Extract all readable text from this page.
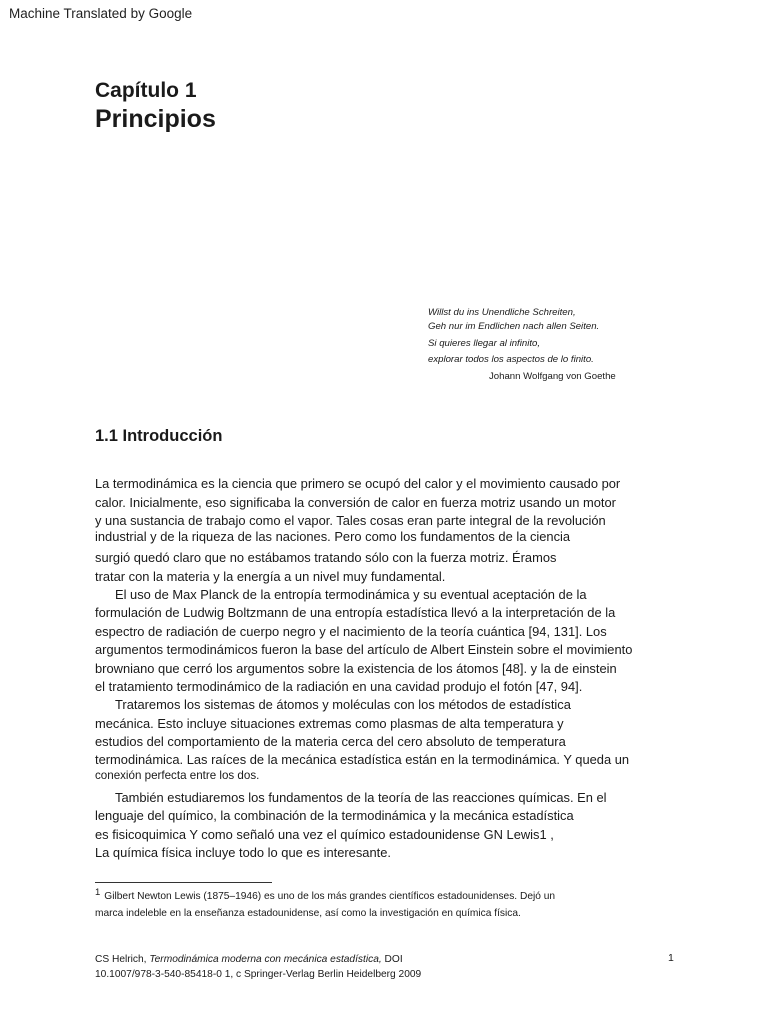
Machine Translated by Google
Capítulo 1
Principios
Willst du ins Unendliche Schreiten,
Geh nur im Endlichen nach allen Seiten.
Si quieres llegar al infinito,
explorar todos los aspectos de lo finito.
Johann Wolfgang von Goethe
1.1 Introducción
La termodinámica es la ciencia que primero se ocupó del calor y el movimiento causado por
calor. Inicialmente, eso significaba la conversión de calor en fuerza motriz usando un motor
y una sustancia de trabajo como el vapor. Tales cosas eran parte integral de la revolución
industrial y de la riqueza de las naciones. Pero como los fundamentos de la ciencia
surgió quedó claro que no estábamos tratando sólo con la fuerza motriz. Éramos
tratar con la materia y la energía a un nivel muy fundamental.
El uso de Max Planck de la entropía termodinámica y su eventual aceptación de la
formulación de Ludwig Boltzmann de una entropía estadística llevó a la interpretación de la
espectro de radiación de cuerpo negro y el nacimiento de la teoría cuántica [94, 131]. Los
argumentos termodinámicos fueron la base del artículo de Albert Einstein sobre el movimiento
browniano que cerró los argumentos sobre la existencia de los átomos [48]. y la de einstein
el tratamiento termodinámico de la radiación en una cavidad produjo el fotón [47, 94].
Trataremos los sistemas de átomos y moléculas con los métodos de estadística
mecánica. Esto incluye situaciones extremas como plasmas de alta temperatura y
estudios del comportamiento de la materia cerca del cero absoluto de temperatura
termodinámica. Las raíces de la mecánica estadística están en la termodinámica. Y queda un
conexión perfecta entre los dos.
También estudiaremos los fundamentos de la teoría de las reacciones químicas. En el
lenguaje del químico, la combinación de la termodinámica y la mecánica estadística
es fisicoquimica Y como señaló una vez el químico estadounidense GN Lewis1 ,
La química física incluye todo lo que es interesante.
$^1$ Gilbert Newton Lewis (1875–1946) es uno de los más grandes científicos estadounidenses. Dejó un
marca indeleble en la enseñanza estadounidense, así como la investigación en química física.
CS Helrich, Termodinámica moderna con mecánica estadística, DOI
10.1007/978-3-540-85418-0 1, c Springer-Verlag Berlin Heidelberg 2009
1
